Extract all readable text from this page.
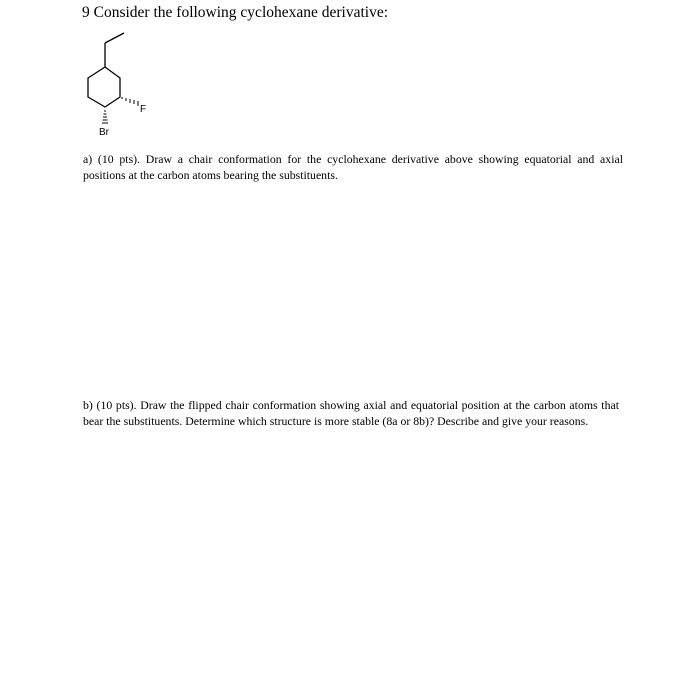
9 Consider the following cyclohexane derivative:
F
Br
a) (10 pts). Draw a chair conformation for the cyclohexane derivative above showing equatorial and axial positions at the carbon atoms bearing the substituents.
b) (10 pts). Draw the flipped chair conformation showing axial and equatorial position at the carbon atoms that bear the substituents. Determine which structure is more stable (8a or 8b)? Describe and give your reasons.
